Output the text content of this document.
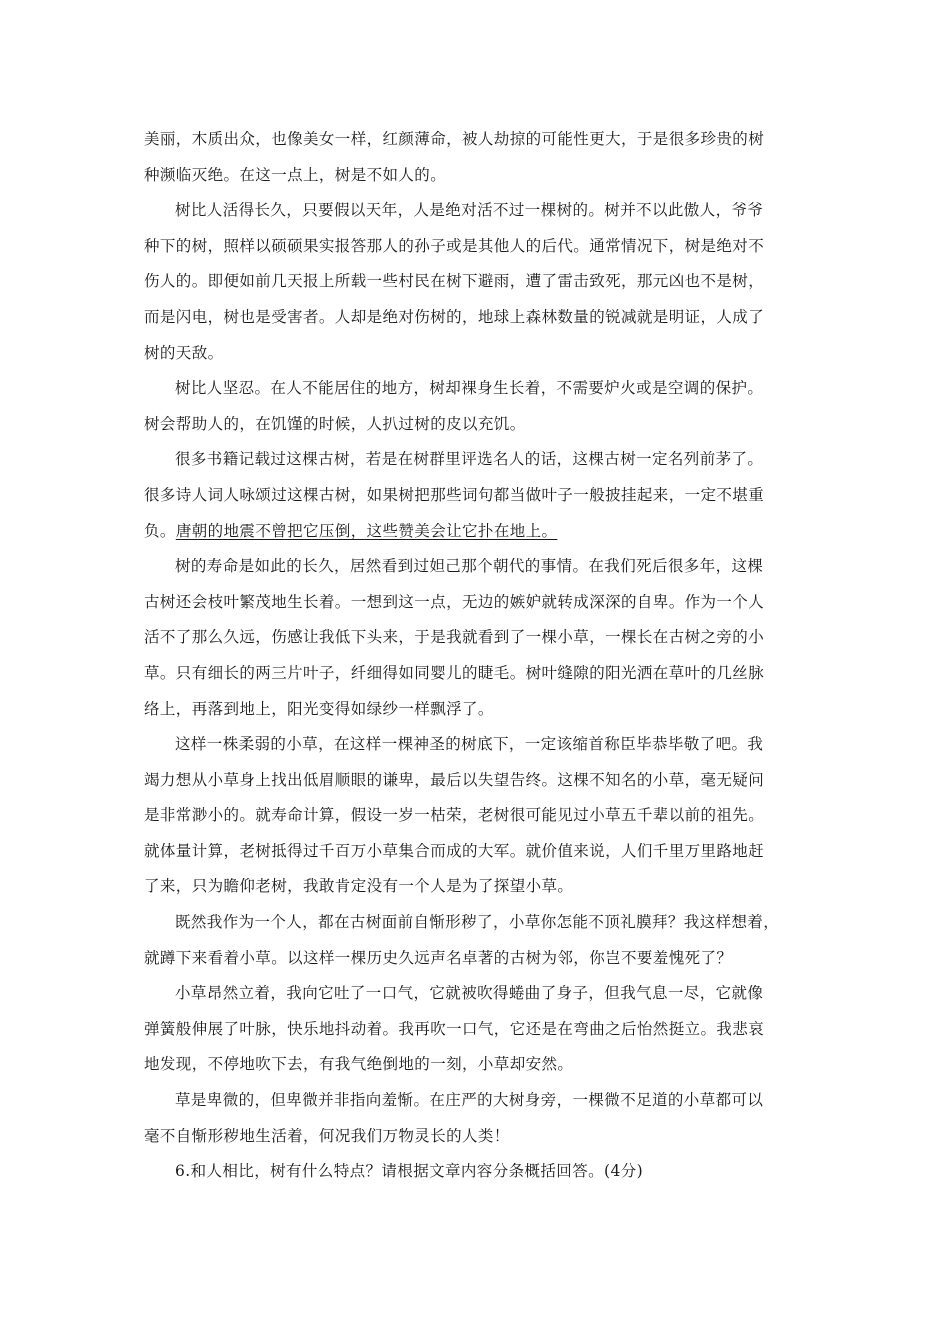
美丽，木质出众，也像美女一样，红颜薄命，被人劫掠的可能性更大，于是很多珍贵的树
种濒临灭绝。在这一点上，树是不如人的。
树比人活得长久，只要假以天年，人是绝对活不过一棵树的。树并不以此傲人，爷爷
种下的树，照样以硕硕果实报答那人的孙子或是其他人的后代。通常情况下，树是绝对不
伤人的。即便如前几天报上所载一些村民在树下避雨，遭了雷击致死，那元凶也不是树，
而是闪电，树也是受害者。人却是绝对伤树的，地球上森林数量的锐减就是明证，人成了
树的天敌。
树比人坚忍。在人不能居住的地方，树却裸身生长着，不需要炉火或是空调的保护。
树会帮助人的，在饥馑的时候，人扒过树的皮以充饥。
很多书籍记载过这棵古树，若是在树群里评选名人的话，这棵古树一定名列前茅了。
很多诗人词人咏颂过这棵古树，如果树把那些词句都当做叶子一般披挂起来，一定不堪重
负。唐朝的地震不曾把它压倒，这些赞美会让它扑在地上。
树的寿命是如此的长久，居然看到过妲己那个朝代的事情。在我们死后很多年，这棵
古树还会枝叶繁茂地生长着。一想到这一点，无边的嫉妒就转成深深的自卑。作为一个人
活不了那么久远，伤感让我低下头来，于是我就看到了一棵小草，一棵长在古树之旁的小
草。只有细长的两三片叶子，纤细得如同婴儿的睫毛。树叶缝隙的阳光洒在草叶的几丝脉
络上，再落到地上，阳光变得如绿纱一样飘浮了。
这样一株柔弱的小草，在这样一棵神圣的树底下，一定该缩首称臣毕恭毕敬了吧。我
竭力想从小草身上找出低眉顺眼的谦卑，最后以失望告终。这棵不知名的小草，毫无疑问
是非常渺小的。就寿命计算，假设一岁一枯荣，老树很可能见过小草五千辈以前的祖先。
就体量计算，老树抵得过千百万小草集合而成的大军。就价值来说，人们千里万里路地赶
了来，只为瞻仰老树，我敢肯定没有一个人是为了探望小草。
既然我作为一个人，都在古树面前自惭形秽了，小草你怎能不顶礼膜拜？我这样想着，
就蹲下来看着小草。以这样一棵历史久远声名卓著的古树为邻，你岂不要羞愧死了？
小草昂然立着，我向它吐了一口气，它就被吹得蜷曲了身子，但我气息一尽，它就像
弹簧般伸展了叶脉，快乐地抖动着。我再吹一口气，它还是在弯曲之后怡然挺立。我悲哀
地发现，不停地吹下去，有我气绝倒地的一刻，小草却安然。
草是卑微的，但卑微并非指向羞惭。在庄严的大树身旁，一棵微不足道的小草都可以
毫不自惭形秽地生活着，何况我们万物灵长的人类！
6.和人相比，树有什么特点？请根据文章内容分条概括回答。(4分)
